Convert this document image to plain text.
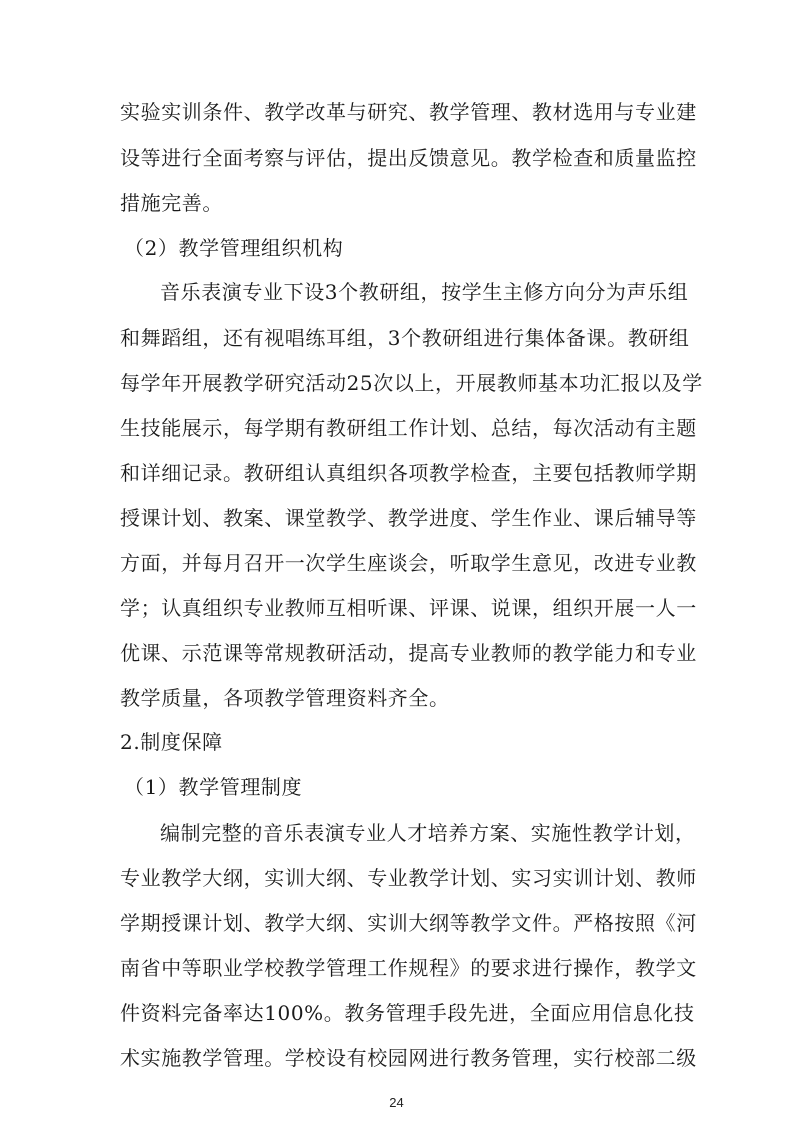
实验实训条件、教学改革与研究、教学管理、教材选用与专业建
设等进行全面考察与评估，提出反馈意见。教学检查和质量监控
措施完善。
（2）教学管理组织机构
音乐表演专业下设3个教研组，按学生主修方向分为声乐组
和舞蹈组，还有视唱练耳组，3个教研组进行集体备课。教研组
每学年开展教学研究活动25次以上，开展教师基本功汇报以及学
生技能展示，每学期有教研组工作计划、总结，每次活动有主题
和详细记录。教研组认真组织各项教学检查，主要包括教师学期
授课计划、教案、课堂教学、教学进度、学生作业、课后辅导等
方面，并每月召开一次学生座谈会，听取学生意见，改进专业教
学；认真组织专业教师互相听课、评课、说课，组织开展一人一
优课、示范课等常规教研活动，提高专业教师的教学能力和专业
教学质量，各项教学管理资料齐全。
2.制度保障
（1）教学管理制度
编制完整的音乐表演专业人才培养方案、实施性教学计划，
专业教学大纲，实训大纲、专业教学计划、实习实训计划、教师
学期授课计划、教学大纲、实训大纲等教学文件。严格按照《河
南省中等职业学校教学管理工作规程》的要求进行操作，教学文
件资料完备率达100%。教务管理手段先进，全面应用信息化技
术实施教学管理。学校设有校园网进行教务管理，实行校部二级
24
